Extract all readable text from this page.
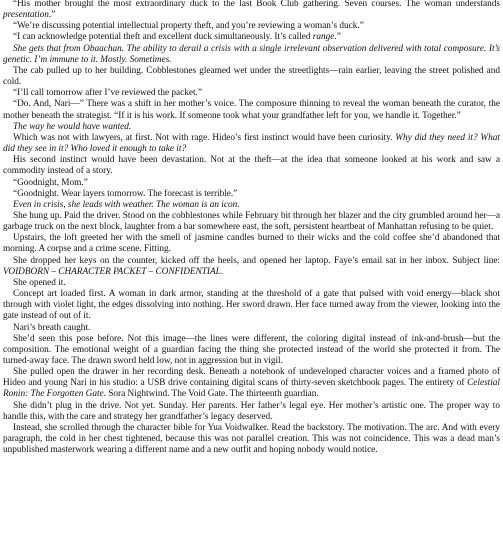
“His mother brought the most extraordinary duck to the last Book Club gathering. Seven courses. The woman understands presentation.”

“We’re discussing potential intellectual property theft, and you’re reviewing a woman’s duck.”

“I can acknowledge potential theft and excellent duck simultaneously. It’s called range.”

She gets that from Obaachan. The ability to derail a crisis with a single irrelevant observation delivered with total composure. It’s genetic. I’m immune to it. Mostly. Sometimes.

The cab pulled up to her building. Cobblestones gleamed wet under the streetlights—rain earlier, leaving the street polished and cold.

“I’ll call tomorrow after I’ve reviewed the packet.”

“Do. And, Nari—” There was a shift in her mother’s voice. The composure thinning to reveal the woman beneath the curator, the mother beneath the strategist. “If it is his work. If someone took what your grandfather left for you, we handle it. Together.”

The way he would have wanted.

Which was not with lawyers, at first. Not with rage. Hideo’s first instinct would have been curiosity. Why did they need it? What did they see in it? Who loved it enough to take it?

His second instinct would have been devastation. Not at the theft—at the idea that someone looked at his work and saw a commodity instead of a story.

“Goodnight, Mom.”

“Goodnight. Wear layers tomorrow. The forecast is terrible.”

Even in crisis, she leads with weather. The woman is an icon.

She hung up. Paid the driver. Stood on the cobblestones while February bit through her blazer and the city grumbled around her—a garbage truck on the next block, laughter from a bar somewhere east, the soft, persistent heartbeat of Manhattan refusing to be quiet.

Upstairs, the loft greeted her with the smell of jasmine candles burned to their wicks and the cold coffee she’d abandoned that morning. A corpse and a crime scene. Fitting.

She dropped her keys on the counter, kicked off the heels, and opened her laptop. Faye’s email sat in her inbox. Subject line: VOIDBORN – CHARACTER PACKET – CONFIDENTIAL.

She opened it.

Concept art loaded first. A woman in dark armor, standing at the threshold of a gate that pulsed with void energy—black shot through with violet light, the edges dissolving into nothing. Her sword drawn. Her face turned away from the viewer, looking into the gate instead of out of it.

Nari’s breath caught.

She’d seen this pose before. Not this image—the lines were different, the coloring digital instead of ink-and-brush—but the composition. The emotional weight of a guardian facing the thing she protected instead of the world she protected it from. The turned-away face. The drawn sword held low, not in aggression but in vigil.

She pulled open the drawer in her recording desk. Beneath a notebook of undeveloped character voices and a framed photo of Hideo and young Nari in his studio: a USB drive containing digital scans of thirty-seven sketchbook pages. The entirety of Celestial Ronin: The Forgotten Gate. Sora Nightwind. The Void Gate. The thirteenth guardian.

She didn’t plug in the drive. Not yet. Sunday. Her parents. Her father’s legal eye. Her mother’s artistic one. The proper way to handle this, with the care and strategy her grandfather’s legacy deserved.

Instead, she scrolled through the character bible for Yua Voidwalker. Read the backstory. The motivation. The arc. And with every paragraph, the cold in her chest tightened, because this was not parallel creation. This was not coincidence. This was a dead man’s unpublished masterwork wearing a different name and a new outfit and hoping nobody would notice.
